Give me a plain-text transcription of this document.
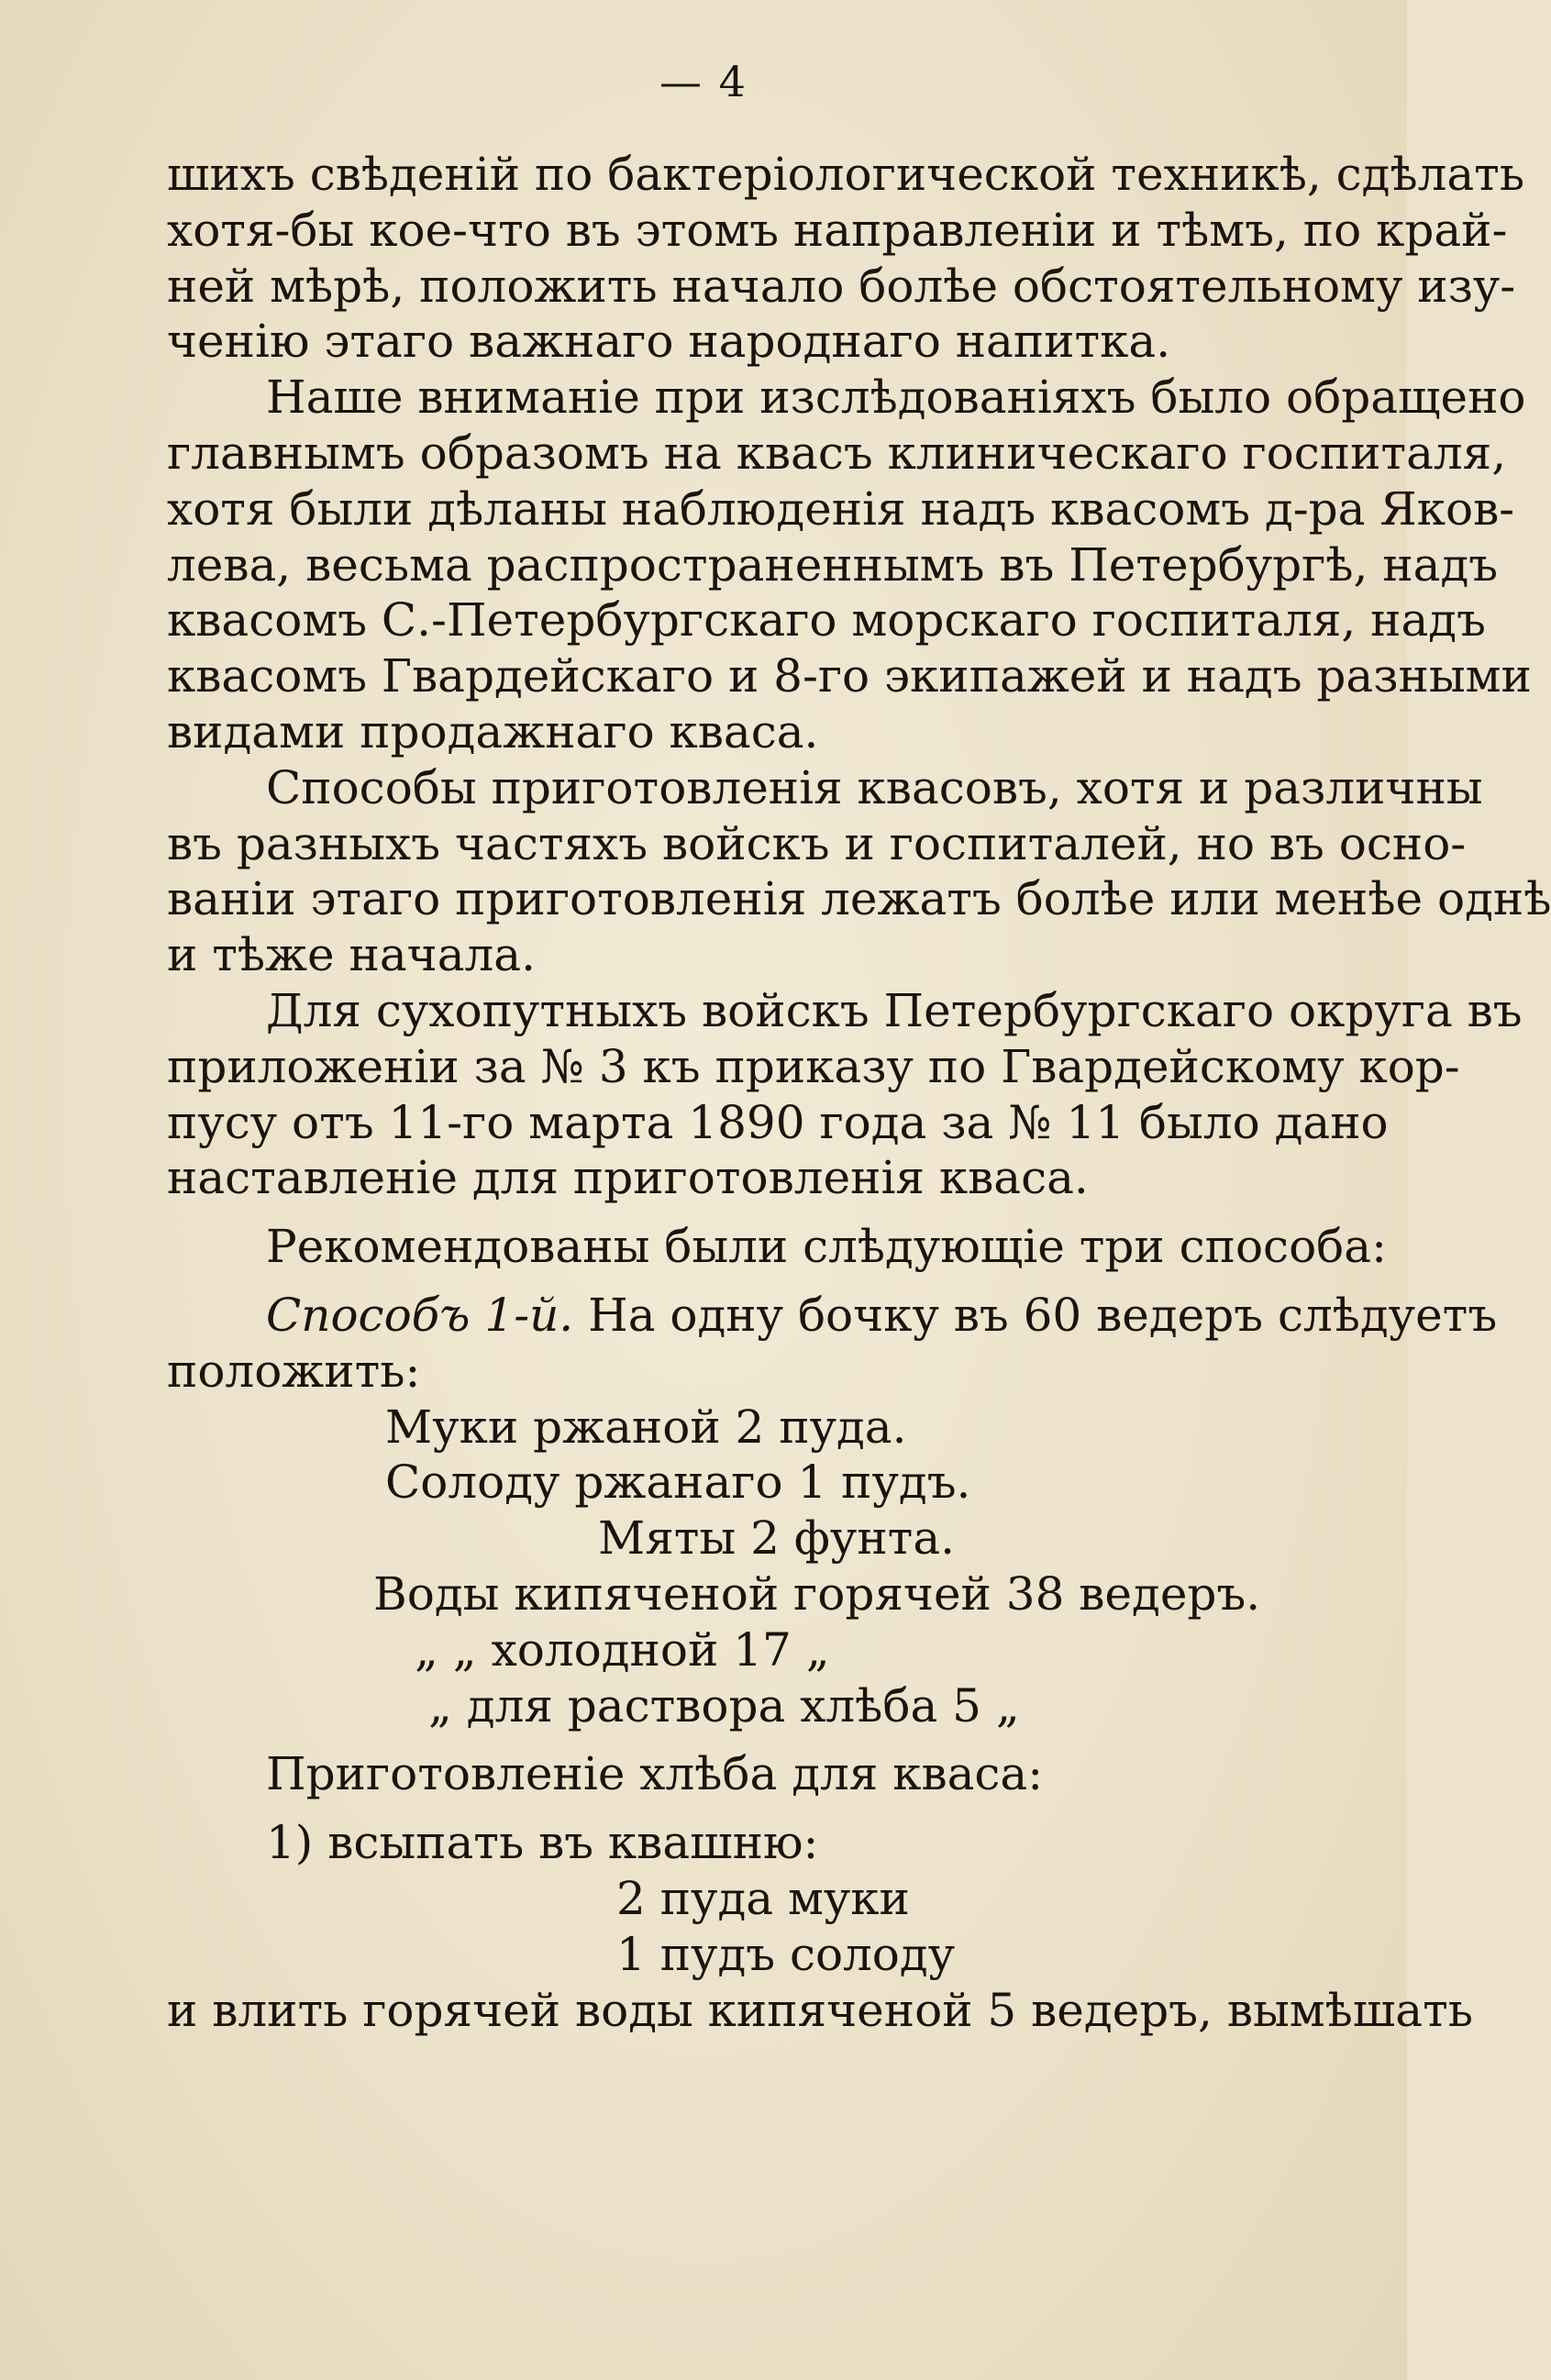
— 4
шихъ свѣденій по бактеріологической техникѣ, сдѣлать
хотя-бы кое-что въ этомъ направленіи и тѣмъ, по край-
ней мѣрѣ, положить начало болѣе обстоятельному изу-
ченію этаго важнаго народнаго напитка.
Наше вниманіе при изслѣдованіяхъ было обращено
главнымъ образомъ на квасъ клиническаго госпиталя,
хотя были дѣланы наблюденія надъ квасомъ д-ра Яков-
лева, весьма распространеннымъ въ Петербургѣ, надъ
квасомъ С.-Петербургскаго морскаго госпиталя, надъ
квасомъ Гвардейскаго и 8-го экипажей и надъ разными
видами продажнаго кваса.
Способы приготовленія квасовъ, хотя и различны
въ разныхъ частяхъ войскъ и госпиталей, но въ осно-
ваніи этаго приготовленія лежатъ болѣе или менѣе однѣ
и тѣже начала.
Для сухопутныхъ войскъ Петербургскаго округа въ
приложеніи за № 3 къ приказу по Гвардейскому кор-
пусу отъ 11-го марта 1890 года за № 11 было дано
наставленіе для приготовленія кваса.
Рекомендованы были слѣдующіе три способа:
Способъ 1-й. На одну бочку въ 60 ведеръ слѣдуетъ
положить:
Муки ржаной 2 пуда.
Солоду ржанаго 1 пудъ.
Мяты 2 фунта.
Воды кипяченой горячей 38 ведеръ.
„ „ холодной 17 „
„ для раствора хлѣба 5 „
Приготовленіе хлѣба для кваса:
1) всыпать въ квашню:
2 пуда муки
1 пудъ солоду
и влить горячей воды кипяченой 5 ведеръ, вымѣшать
